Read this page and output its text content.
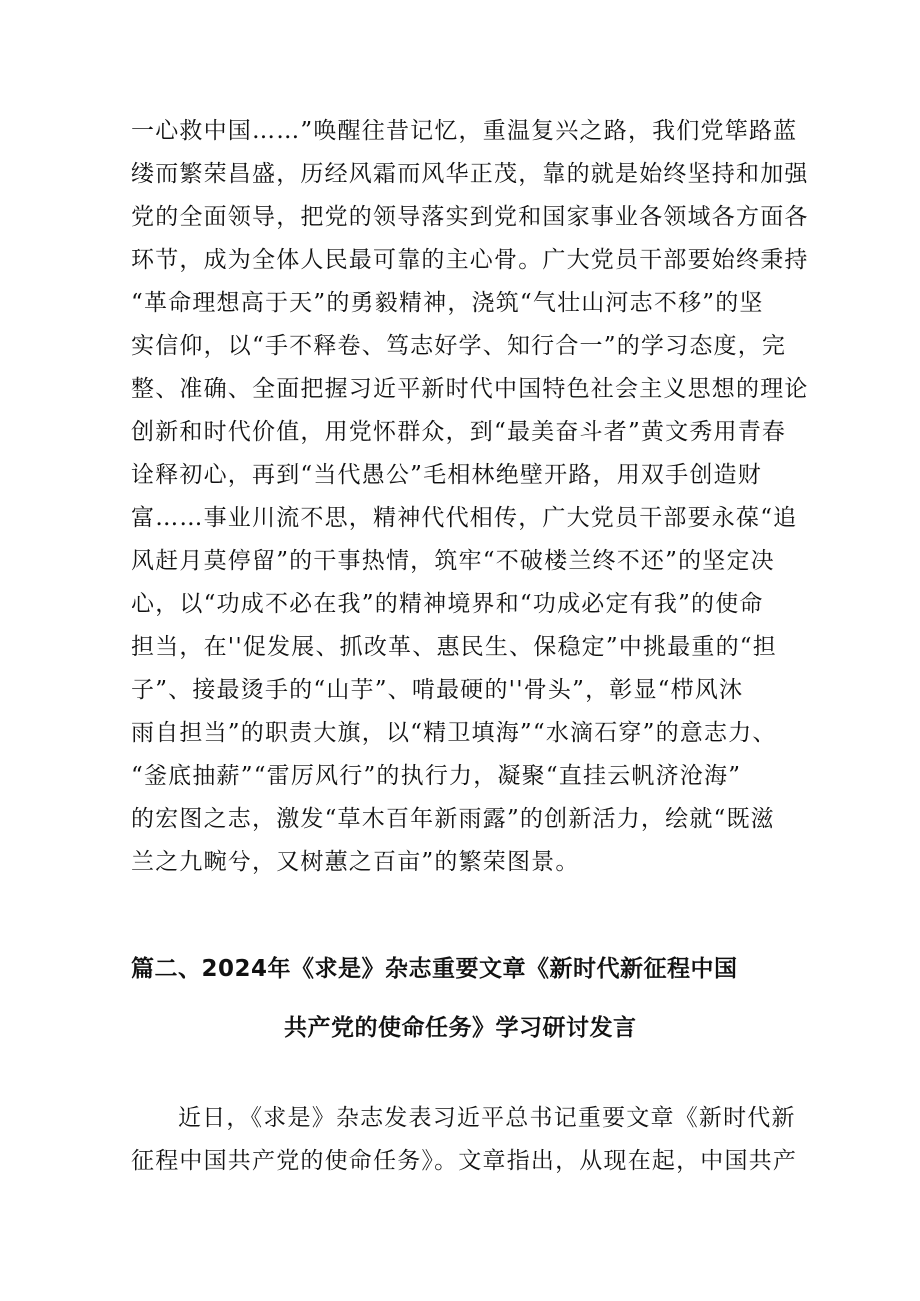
一心救中国……”唤醒往昔记忆，重温复兴之路，我们党筚路蓝
缕而繁荣昌盛，历经风霜而风华正茂，靠的就是始终坚持和加强
党的全面领导，把党的领导落实到党和国家事业各领域各方面各
环节，成为全体人民最可靠的主心骨。广大党员干部要始终秉持
“革命理想高于天”的勇毅精神，浇筑“气壮山河志不移”的坚
实信仰，以“手不释卷、笃志好学、知行合一”的学习态度，完
整、准确、全面把握习近平新时代中国特色社会主义思想的理论
创新和时代价值，用党怀群众，到“最美奋斗者”黄文秀用青春
诠释初心，再到“当代愚公”毛相林绝壁开路，用双手创造财
富……事业川流不思，精神代代相传，广大党员干部要永葆“追
风赶月莫停留”的干事热情，筑牢“不破楼兰终不还”的坚定决
心，以“功成不必在我”的精神境界和“功成必定有我”的使命
担当，在''促发展、抓改革、惠民生、保稳定”中挑最重的“担
子”、接最烫手的“山芋”、啃最硬的''骨头”，彰显“栉风沐
雨自担当”的职责大旗，以“精卫填海”“水滴石穿”的意志力、
“釜底抽薪”“雷厉风行”的执行力，凝聚“直挂云帆济沧海”
的宏图之志，激发“草木百年新雨露”的创新活力，绘就“既滋
兰之九畹兮，又树蕙之百亩”的繁荣图景。
篇二、2024年《求是》杂志重要文章《新时代新征程中国
共产党的使命任务》学习研讨发言
近日，《求是》杂志发表习近平总书记重要文章《新时代新
征程中国共产党的使命任务》。文章指出，从现在起，中国共产
